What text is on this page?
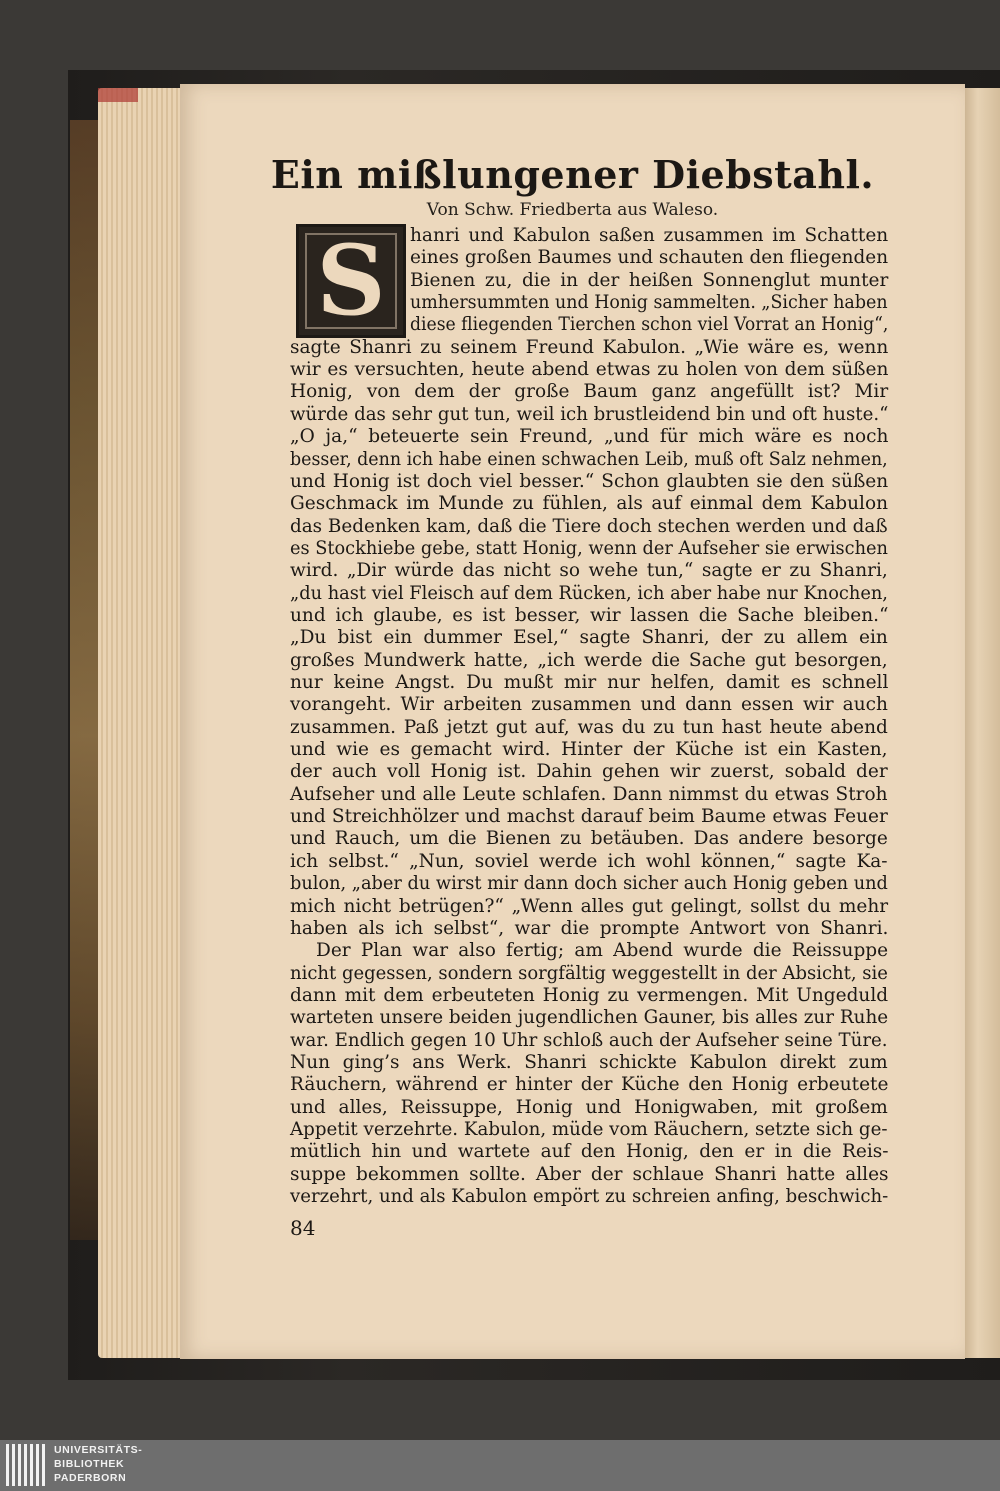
Ein mißlungener Diebstahl.

Von Schw. Friedberta aus Waleso.

S	hanri und Kabulon saßen zusammen im Schatten

eines großen Baumes und schauten den fliegenden

Bienen zu, die in der heißen Sonnenglut munter

umhersummten und Honig sammelten. „Sicher haben

diese fliegenden Tierchen schon viel Vorrat an Honig“,

sagte Shanri zu seinem Freund Kabulon. „Wie wäre es, wenn

wir es versuchten, heute abend etwas zu holen von dem süßen

Honig, von dem der große Baum ganz angefüllt ist? Mir

würde das sehr gut tun, weil ich brustleidend bin und oft huste.“

„O ja,“ beteuerte sein Freund, „und für mich wäre es noch

besser, denn ich habe einen schwachen Leib, muß oft Salz nehmen,

und Honig ist doch viel besser.“ Schon glaubten sie den süßen

Geschmack im Munde zu fühlen, als auf einmal dem Kabulon

das Bedenken kam, daß die Tiere doch stechen werden und daß

es Stockhiebe gebe, statt Honig, wenn der Aufseher sie erwischen

wird. „Dir würde das nicht so wehe tun,“ sagte er zu Shanri,

„du hast viel Fleisch auf dem Rücken, ich aber habe nur Knochen,

und ich glaube, es ist besser, wir lassen die Sache bleiben.“

„Du bist ein dummer Esel,“ sagte Shanri, der zu allem ein

großes Mundwerk hatte, „ich werde die Sache gut besorgen,

nur keine Angst. Du mußt mir nur helfen, damit es schnell

vorangeht. Wir arbeiten zusammen und dann essen wir auch

zusammen. Paß jetzt gut auf, was du zu tun hast heute abend

und wie es gemacht wird. Hinter der Küche ist ein Kasten,

der auch voll Honig ist. Dahin gehen wir zuerst, sobald der

Aufseher und alle Leute schlafen. Dann nimmst du etwas Stroh

und Streichhölzer und machst darauf beim Baume etwas Feuer

und Rauch, um die Bienen zu betäuben. Das andere besorge

ich selbst.“ „Nun, soviel werde ich wohl können,“ sagte Ka-

bulon, „aber du wirst mir dann doch sicher auch Honig geben und

mich nicht betrügen?“ „Wenn alles gut gelingt, sollst du mehr

haben als ich selbst“, war die prompte Antwort von Shanri.

Der Plan war also fertig; am Abend wurde die Reissuppe

nicht gegessen, sondern sorgfältig weggestellt in der Absicht, sie

dann mit dem erbeuteten Honig zu vermengen. Mit Ungeduld

warteten unsere beiden jugendlichen Gauner, bis alles zur Ruhe

war. Endlich gegen 10 Uhr schloß auch der Aufseher seine Türe.

Nun ging’s ans Werk. Shanri schickte Kabulon direkt zum

Räuchern, während er hinter der Küche den Honig erbeutete

und alles, Reissuppe, Honig und Honigwaben, mit großem

Appetit verzehrte. Kabulon, müde vom Räuchern, setzte sich ge-

mütlich hin und wartete auf den Honig, den er in die Reis-

suppe bekommen sollte. Aber der schlaue Shanri hatte alles

verzehrt, und als Kabulon empört zu schreien anfing, beschwich-

84

UNIVERSITÄTS-
BIBLIOTHEK
PADERBORN
